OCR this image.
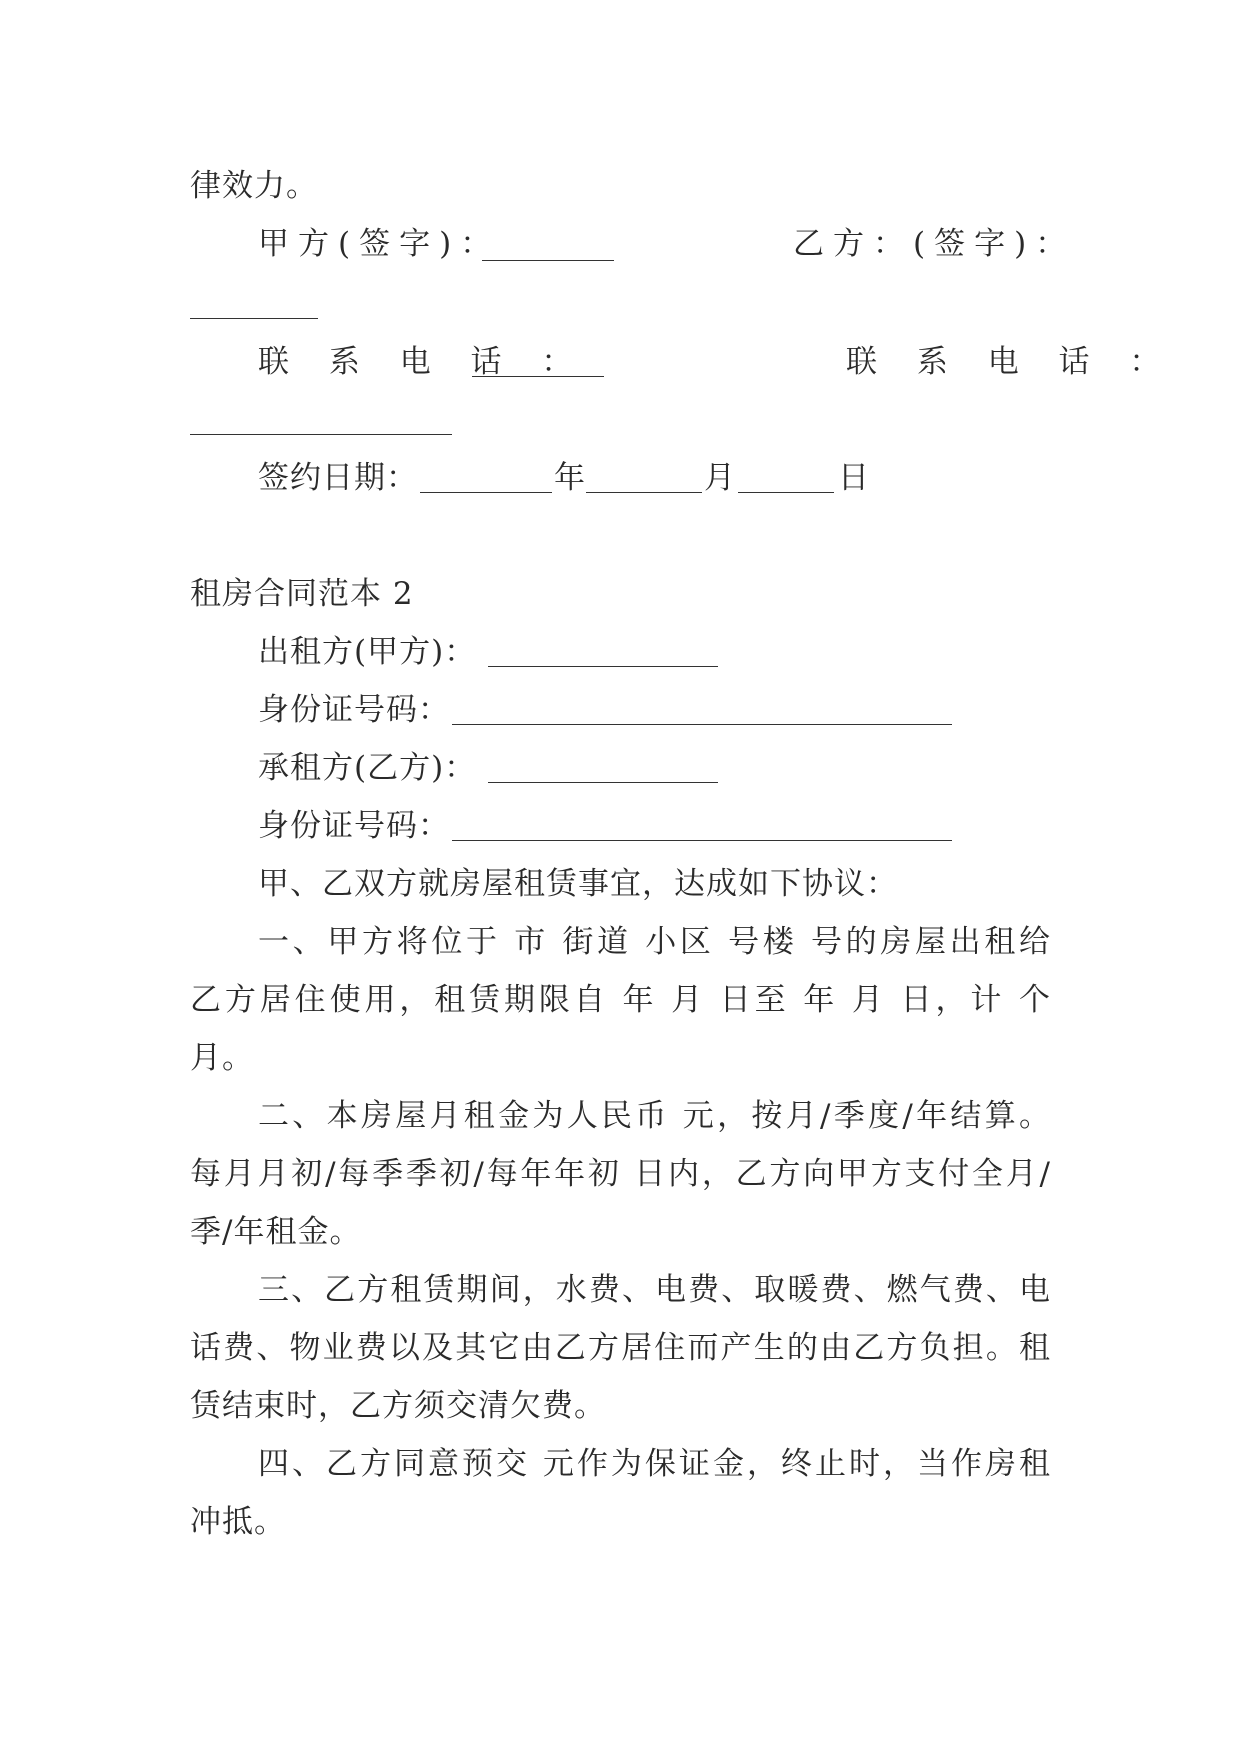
律效力。
甲方(签字)：	乙方：(签字)：
联 系 电 话 ：	联 系 电 话 ：
签约日期：	年	月	日
租房合同范本 2
出租方(甲方)：
身份证号码：
承租方(乙方)：
身份证号码：
甲、乙双方就房屋租赁事宜，达成如下协议：
一、甲方将位于 市 街道 小区 号楼 号的房屋出租给
乙方居住使用，租赁期限自 年 月 日至 年 月 日，计 个
月。
二、本房屋月租金为人民币 元，按月/季度/年结算。
每月月初/每季季初/每年年初 日内，乙方向甲方支付全月/
季/年租金。
三、乙方租赁期间，水费、电费、取暖费、燃气费、电
话费、物业费以及其它由乙方居住而产生的由乙方负担。租
赁结束时，乙方须交清欠费。
四、乙方同意预交 元作为保证金，终止时，当作房租
冲抵。
